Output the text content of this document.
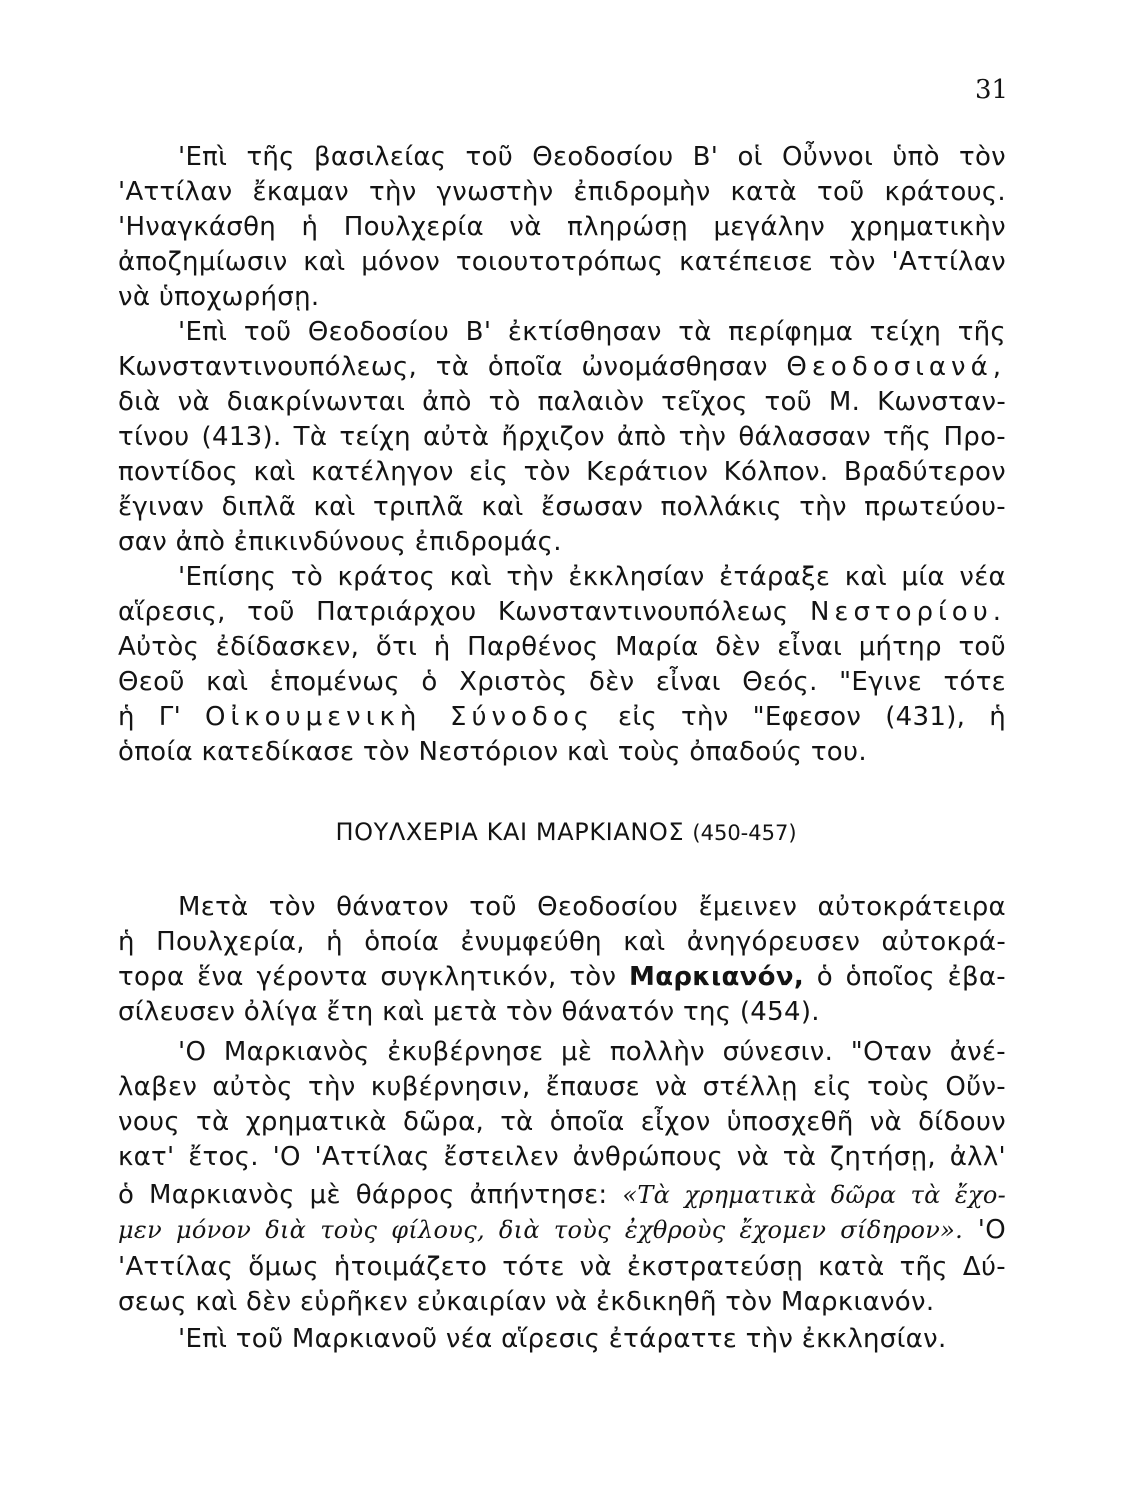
31
'Επὶ τῆς βασιλείας τοῦ Θεοδοσίου Β' οἱ Οὖννοι ὑπὸ τὸν
'Αττίλαν ἔκαμαν τὴν γνωστὴν ἐπιδρομὴν κατὰ τοῦ κράτους.
'Ηναγκάσθη ἡ Πουλχερία νὰ πληρώσῃ μεγάλην χρηματικὴν
ἀποζημίωσιν καὶ μόνον τοιουτοτρόπως κατέπεισε τὸν 'Αττίλαν
νὰ ὑποχωρήσῃ.
'Επὶ τοῦ Θεοδοσίου Β' ἐκτίσθησαν τὰ περίφημα τείχη τῆς
Κωνσταντινουπόλεως, τὰ ὁποῖα ὠνομάσθησαν Θεοδοσιανά,
διὰ νὰ διακρίνωνται ἀπὸ τὸ παλαιὸν τεῖχος τοῦ Μ. Κωνσταν-
τίνου (413). Τὰ τείχη αὐτὰ ἤρχιζον ἀπὸ τὴν θάλασσαν τῆς Προ-
ποντίδος καὶ κατέληγον εἰς τὸν Κεράτιον Κόλπον. Βραδύτερον
ἔγιναν διπλᾶ καὶ τριπλᾶ καὶ ἔσωσαν πολλάκις τὴν πρωτεύου-
σαν ἀπὸ ἐπικινδύνους ἐπιδρομάς.
'Επίσης τὸ κράτος καὶ τὴν ἐκκλησίαν ἐτάραξε καὶ μία νέα
αἵρεσις, τοῦ Πατριάρχου Κωνσταντινουπόλεως Νεστορίου.
Αὐτὸς ἐδίδασκεν, ὅτι ἡ Παρθένος Μαρία δὲν εἶναι μήτηρ τοῦ
Θεοῦ καὶ ἑπομένως ὁ Χριστὸς δὲν εἶναι Θεός. "Εγινε τότε
ἡ Γ' Οἰκουμενικὴ Σύνοδος εἰς τὴν "Εφεσον (431), ἡ
ὁποία κατεδίκασε τὸν Νεστόριον καὶ τοὺς ὀπαδούς του.
ΠΟΥΛΧΕΡΙΑ ΚΑΙ ΜΑΡΚΙΑΝΟΣ (450-457)
Μετὰ τὸν θάνατον τοῦ Θεοδοσίου ἔμεινεν αὐτοκράτειρα
ἡ Πουλχερία, ἡ ὁποία ἐνυμφεύθη καὶ ἀνηγόρευσεν αὐτοκρά-
τορα ἕνα γέροντα συγκλητικόν, τὸν Μαρκιανόν, ὁ ὁποῖος ἐβα-
σίλευσεν ὀλίγα ἔτη καὶ μετὰ τὸν θάνατόν της (454).
'Ο Μαρκιανὸς ἐκυβέρνησε μὲ πολλὴν σύνεσιν. "Οταν ἀνέ-
λαβεν αὐτὸς τὴν κυβέρνησιν, ἔπαυσε νὰ στέλλῃ εἰς τοὺς Οὔν-
νους τὰ χρηματικὰ δῶρα, τὰ ὁποῖα εἶχον ὑποσχεθῆ νὰ δίδουν
κατ' ἔτος. 'Ο 'Αττίλας ἔστειλεν ἀνθρώπους νὰ τὰ ζητήσῃ, ἀλλ'
ὁ Μαρκιανὸς μὲ θάρρος ἀπήντησε: «Τὰ χρηματικὰ δῶρα τὰ ἔχο-
μεν μόνον διὰ τοὺς φίλους, διὰ τοὺς ἐχθροὺς ἔχομεν σίδηρον». 'Ο
'Αττίλας ὅμως ἡτοιμάζετο τότε νὰ ἐκστρατεύσῃ κατὰ τῆς Δύ-
σεως καὶ δὲν εὑρῆκεν εὐκαιρίαν νὰ ἐκδικηθῆ τὸν Μαρκιανόν.
'Επὶ τοῦ Μαρκιανοῦ νέα αἵρεσις ἐτάραττε τὴν ἐκκλησίαν.
